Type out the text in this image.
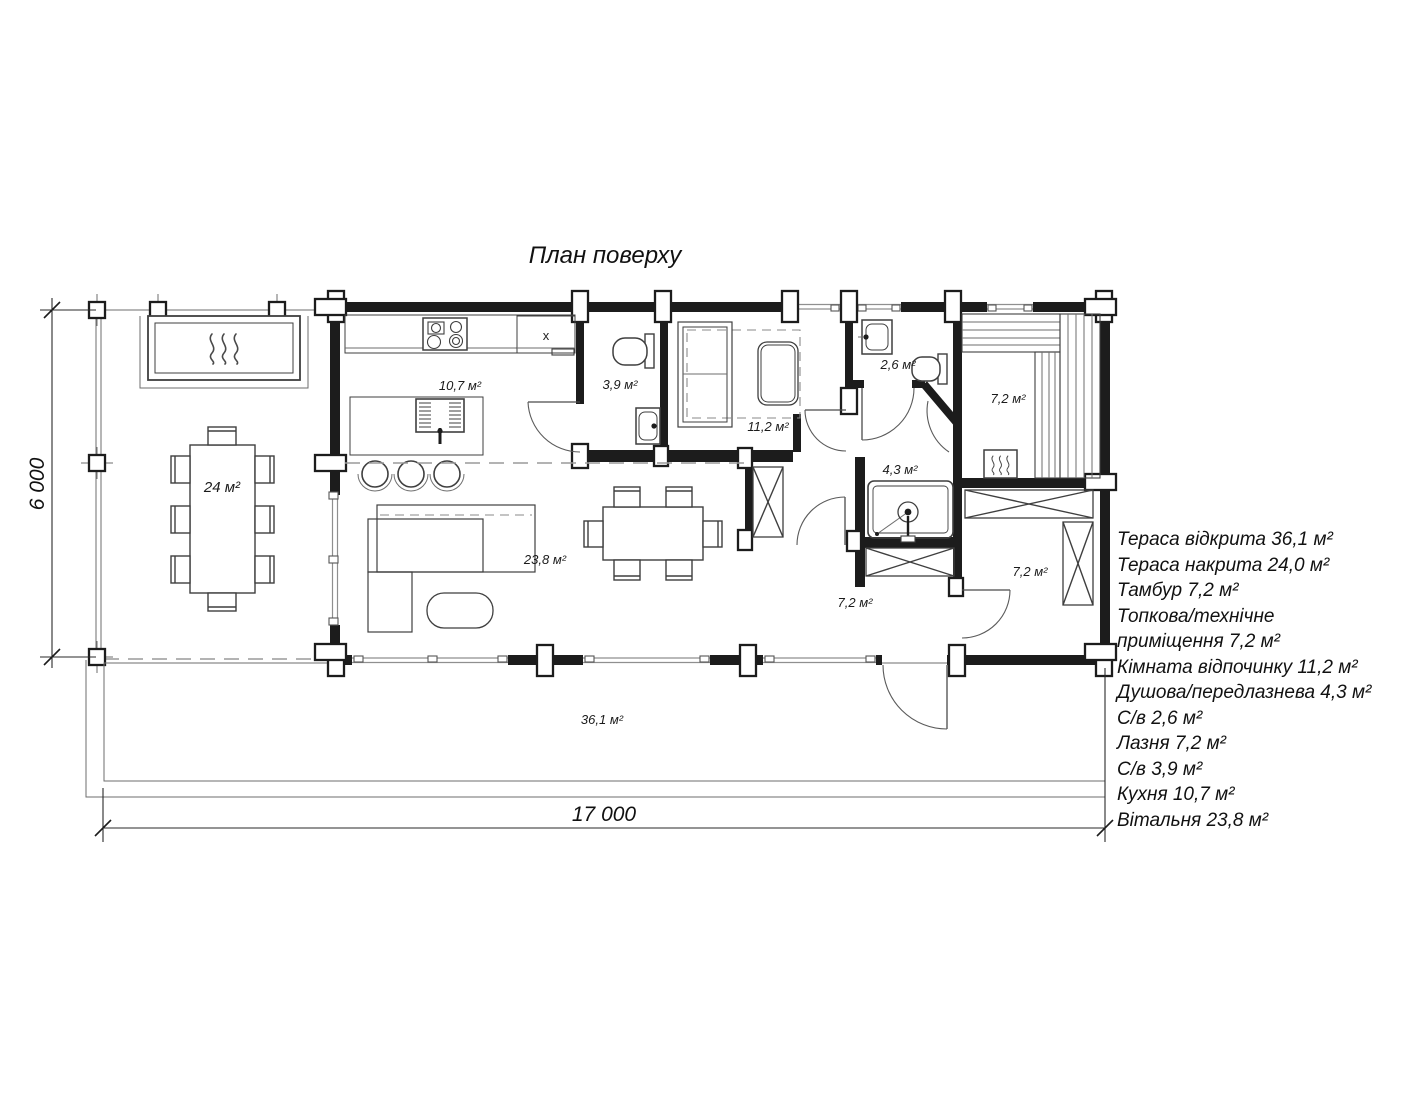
24 м²
36,1 м²
x
10,7 м²	3,9 м²
11,2 м²
2,6 м²
7,2 м²
4,3 м²
23,8 м²
7,2 м²
7,2 м²
17 000
6 000
План поверху
Тераса відкрита 36,1 м²
Тераса накрита 24,0 м²
Тамбур 7,2 м²
Топкова/технічне
приміщення 7,2 м²
Кімната відпочинку 11,2 м²
Душова/передлазнева 4,3 м²
С/в 2,6 м²
Лазня 7,2 м²
С/в 3,9 м²
Кухня 10,7 м²
Вітальня 23,8 м²
